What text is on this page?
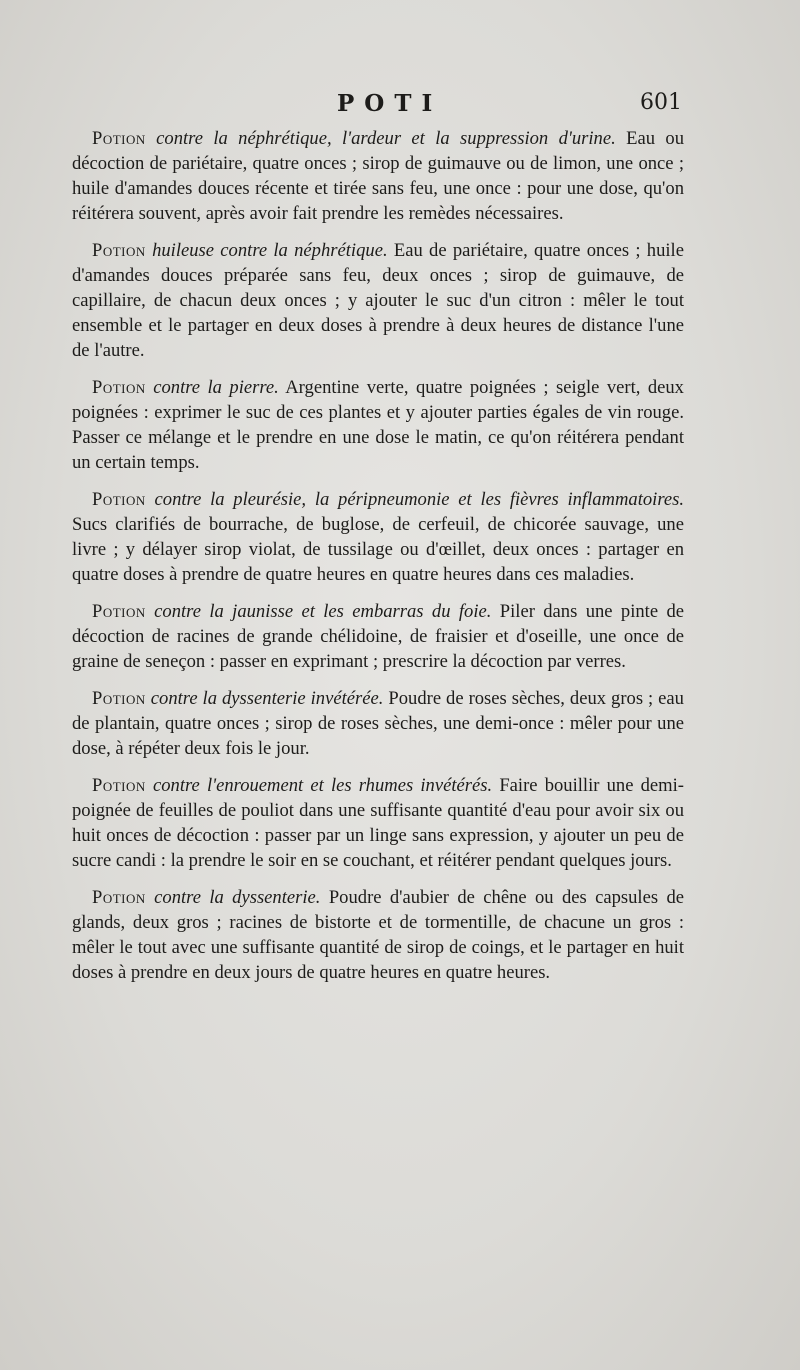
POTI	601

Potion contre la néphrétique, l'ardeur et la suppression d'urine. Eau ou décoction de pariétaire, quatre onces ; sirop de guimauve ou de limon, une once ; huile d'amandes douces récente et tirée sans feu, une once : pour une dose, qu'on réitérera souvent, après avoir fait prendre les remèdes nécessaires.

Potion huileuse contre la néphrétique. Eau de pariétaire, quatre onces ; huile d'amandes douces préparée sans feu, deux onces ; sirop de guimauve, de capillaire, de chacun deux onces ; y ajouter le suc d'un citron : mêler le tout ensemble et le partager en deux doses à prendre à deux heures de distance l'une de l'autre.

Potion contre la pierre. Argentine verte, quatre poignées ; seigle vert, deux poignées : exprimer le suc de ces plantes et y ajouter parties égales de vin rouge. Passer ce mélange et le prendre en une dose le matin, ce qu'on réitérera pendant un certain temps.

Potion contre la pleurésie, la péripneumonie et les fièvres inflammatoires. Sucs clarifiés de bourrache, de buglose, de cerfeuil, de chicorée sauvage, une livre ; y délayer sirop violat, de tussilage ou d'œillet, deux onces : partager en quatre doses à prendre de quatre heures en quatre heures dans ces maladies.

Potion contre la jaunisse et les embarras du foie. Piler dans une pinte de décoction de racines de grande chélidoine, de fraisier et d'oseille, une once de graine de seneçon : passer en exprimant ; prescrire la décoction par verres.

Potion contre la dyssenterie invétérée. Poudre de roses sèches, deux gros ; eau de plantain, quatre onces ; sirop de roses sèches, une demi-once : mêler pour une dose, à répéter deux fois le jour.

Potion contre l'enrouement et les rhumes invétérés. Faire bouillir une demi-poignée de feuilles de pouliot dans une suffisante quantité d'eau pour avoir six ou huit onces de décoction : passer par un linge sans expression, y ajouter un peu de sucre candi : la prendre le soir en se couchant, et réitérer pendant quelques jours.

Potion contre la dyssenterie. Poudre d'aubier de chêne ou des capsules de glands, deux gros ; racines de bistorte et de tormentille, de chacune un gros : mêler le tout avec une suffisante quantité de sirop de coings, et le partager en huit doses à prendre en deux jours de quatre heures en quatre heures.
